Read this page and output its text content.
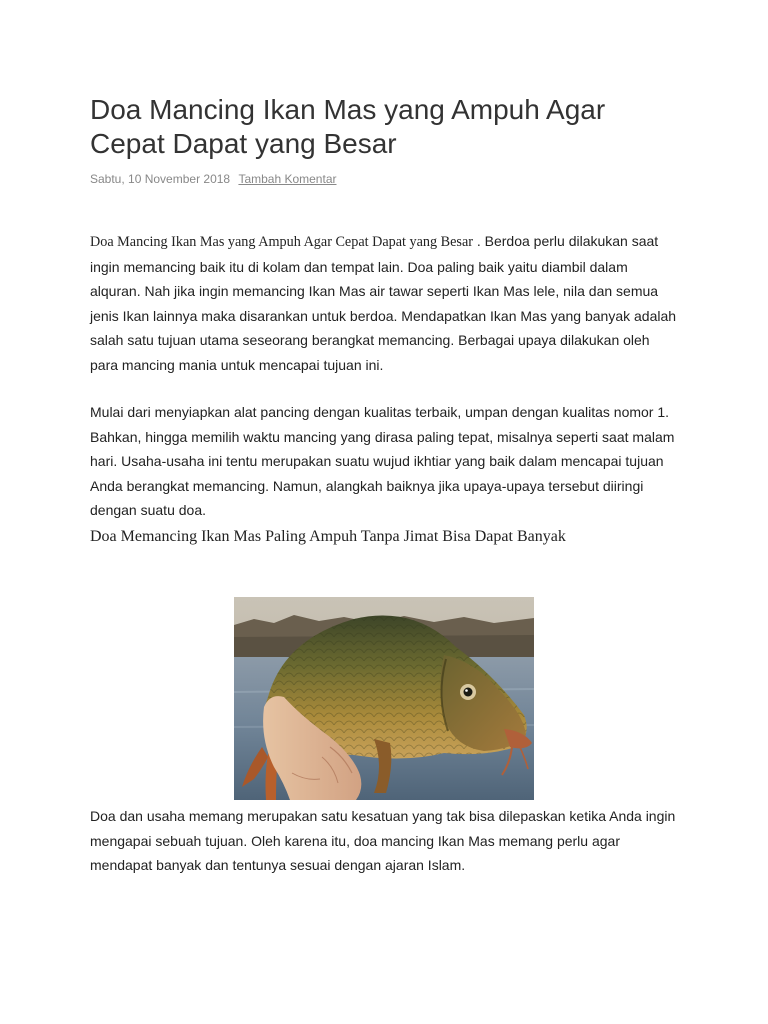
Doa Mancing Ikan Mas yang Ampuh Agar Cepat Dapat yang Besar
Sabtu, 10 November 2018 Tambah Komentar

Doa Mancing Ikan Mas yang Ampuh Agar Cepat Dapat yang Besar . Berdoa perlu dilakukan saat ingin memancing baik itu di kolam dan tempat lain. Doa paling baik yaitu diambil dalam alquran. Nah jika ingin memancing Ikan Mas air tawar seperti Ikan Mas lele, nila dan semua jenis Ikan lainnya maka disarankan untuk berdoa. Mendapatkan Ikan Mas yang banyak adalah salah satu tujuan utama seseorang berangkat memancing. Berbagai upaya dilakukan oleh para mancing mania untuk mencapai tujuan ini.

Mulai dari menyiapkan alat pancing dengan kualitas terbaik, umpan dengan kualitas nomor 1. Bahkan, hingga memilih waktu mancing yang dirasa paling tepat, misalnya seperti saat malam hari. Usaha-usaha ini tentu merupakan suatu wujud ikhtiar yang baik dalam mencapai tujuan Anda berangkat memancing. Namun, alangkah baiknya jika upaya-upaya tersebut diiringi dengan suatu doa.

Doa Memancing Ikan Mas Paling Ampuh Tanpa Jimat Bisa Dapat Banyak

Doa dan usaha memang merupakan satu kesatuan yang tak bisa dilepaskan ketika Anda ingin mengapai sebuah tujuan. Oleh karena itu, doa mancing Ikan Mas memang perlu agar mendapat banyak dan tentunya sesuai dengan ajaran Islam.
